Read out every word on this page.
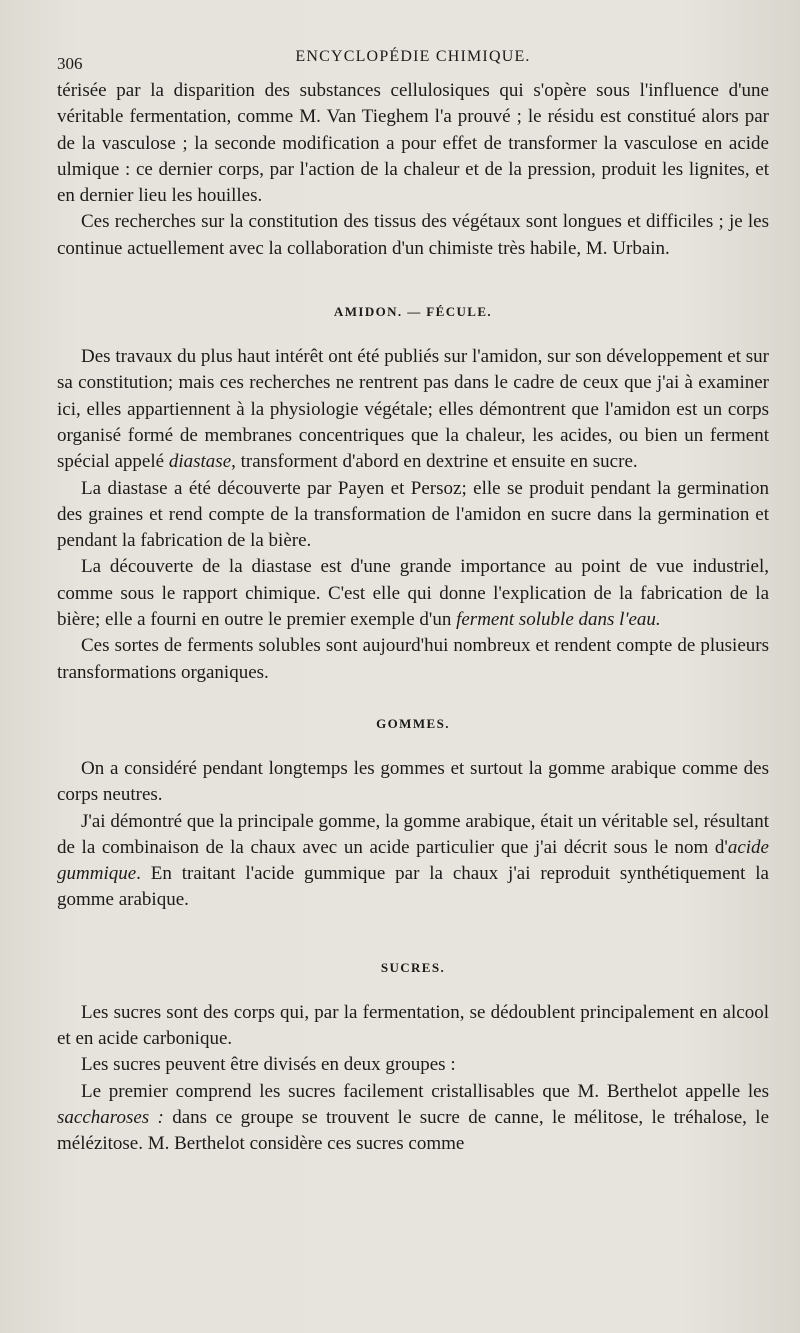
306	ENCYCLOPÉDIE CHIMIQUE.

térisée par la disparition des substances cellulosiques qui s'opère sous l'influence d'une véritable fermentation, comme M. Van Tieghem l'a prouvé ; le résidu est constitué alors par de la vasculose ; la seconde modification a pour effet de transformer la vasculose en acide ulmique : ce dernier corps, par l'action de la chaleur et de la pression, produit les lignites, et en dernier lieu les houilles.

Ces recherches sur la constitution des tissus des végétaux sont longues et difficiles ; je les continue actuellement avec la collaboration d'un chimiste très habile, M. Urbain.

AMIDON. — FÉCULE.

Des travaux du plus haut intérêt ont été publiés sur l'amidon, sur son développement et sur sa constitution; mais ces recherches ne rentrent pas dans le cadre de ceux que j'ai à examiner ici, elles appartiennent à la physiologie végétale; elles démontrent que l'amidon est un corps organisé formé de membranes concentriques que la chaleur, les acides, ou bien un ferment spécial appelé diastase, transforment d'abord en dextrine et ensuite en sucre.

La diastase a été découverte par Payen et Persoz; elle se produit pendant la germination des graines et rend compte de la transformation de l'amidon en sucre dans la germination et pendant la fabrication de la bière.

La découverte de la diastase est d'une grande importance au point de vue industriel, comme sous le rapport chimique. C'est elle qui donne l'explication de la fabrication de la bière; elle a fourni en outre le premier exemple d'un ferment soluble dans l'eau.

Ces sortes de ferments solubles sont aujourd'hui nombreux et rendent compte de plusieurs transformations organiques.

GOMMES.

On a considéré pendant longtemps les gommes et surtout la gomme arabique comme des corps neutres.

J'ai démontré que la principale gomme, la gomme arabique, était un véritable sel, résultant de la combinaison de la chaux avec un acide particulier que j'ai décrit sous le nom d'acide gummique. En traitant l'acide gummique par la chaux j'ai reproduit synthétiquement la gomme arabique.

SUCRES.

Les sucres sont des corps qui, par la fermentation, se dédoublent principalement en alcool et en acide carbonique.

Les sucres peuvent être divisés en deux groupes :

Le premier comprend les sucres facilement cristallisables que M. Berthelot appelle les saccharoses : dans ce groupe se trouvent le sucre de canne, le mélitose, le tréhalose, le mélézitose. M. Berthelot considère ces sucres comme
